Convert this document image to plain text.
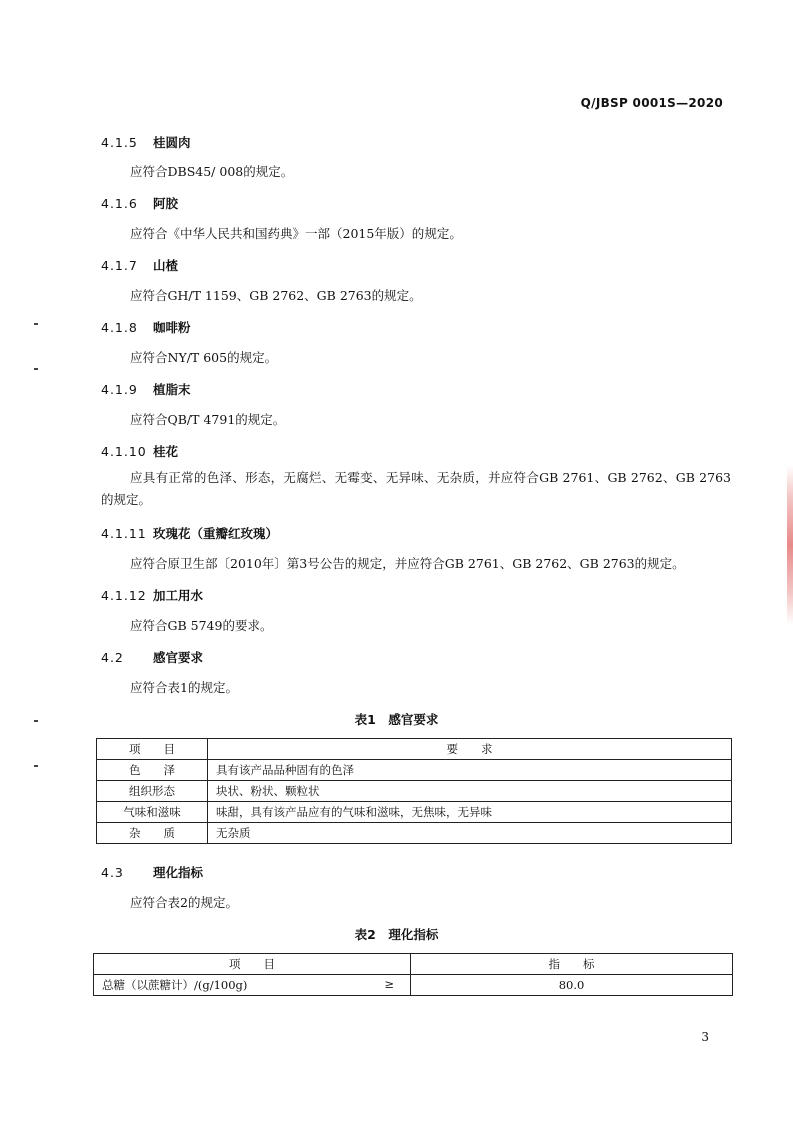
Q/JBSP 0001S—2020
4.1.5	桂圆肉
应符合DBS45/ 008的规定。
4.1.6	阿胶
应符合《中华人民共和国药典》一部（2015年版）的规定。
4.1.7	山楂
应符合GH/T 1159、GB 2762、GB 2763的规定。
4.1.8	咖啡粉
应符合NY/T 605的规定。
4.1.9	植脂末
应符合QB/T 4791的规定。
4.1.10 桂花
应具有正常的色泽、形态，无腐烂、无霉变、无异味、无杂质，并应符合GB 2761、GB 2762、GB 2763的规定。
4.1.11 玫瑰花（重瓣红玫瑰）
应符合原卫生部〔2010年〕第3号公告的规定，并应符合GB 2761、GB 2762、GB 2763的规定。
4.1.12 加工用水
应符合GB 5749的要求。
4.2	感官要求
应符合表1的规定。
表1　感官要求
项　　目	要　　求
色　　泽	具有该产品品种固有的色泽
组织形态	块状、粉状、颗粒状
气味和滋味	味甜，具有该产品应有的气味和滋味，无焦味，无异味
杂　　质	无杂质
4.3	理化指标
应符合表2的规定。
表2　理化指标
项　　目	指　　标
总糖（以蔗糖计）/(g/100g) ≥	80.0
3
